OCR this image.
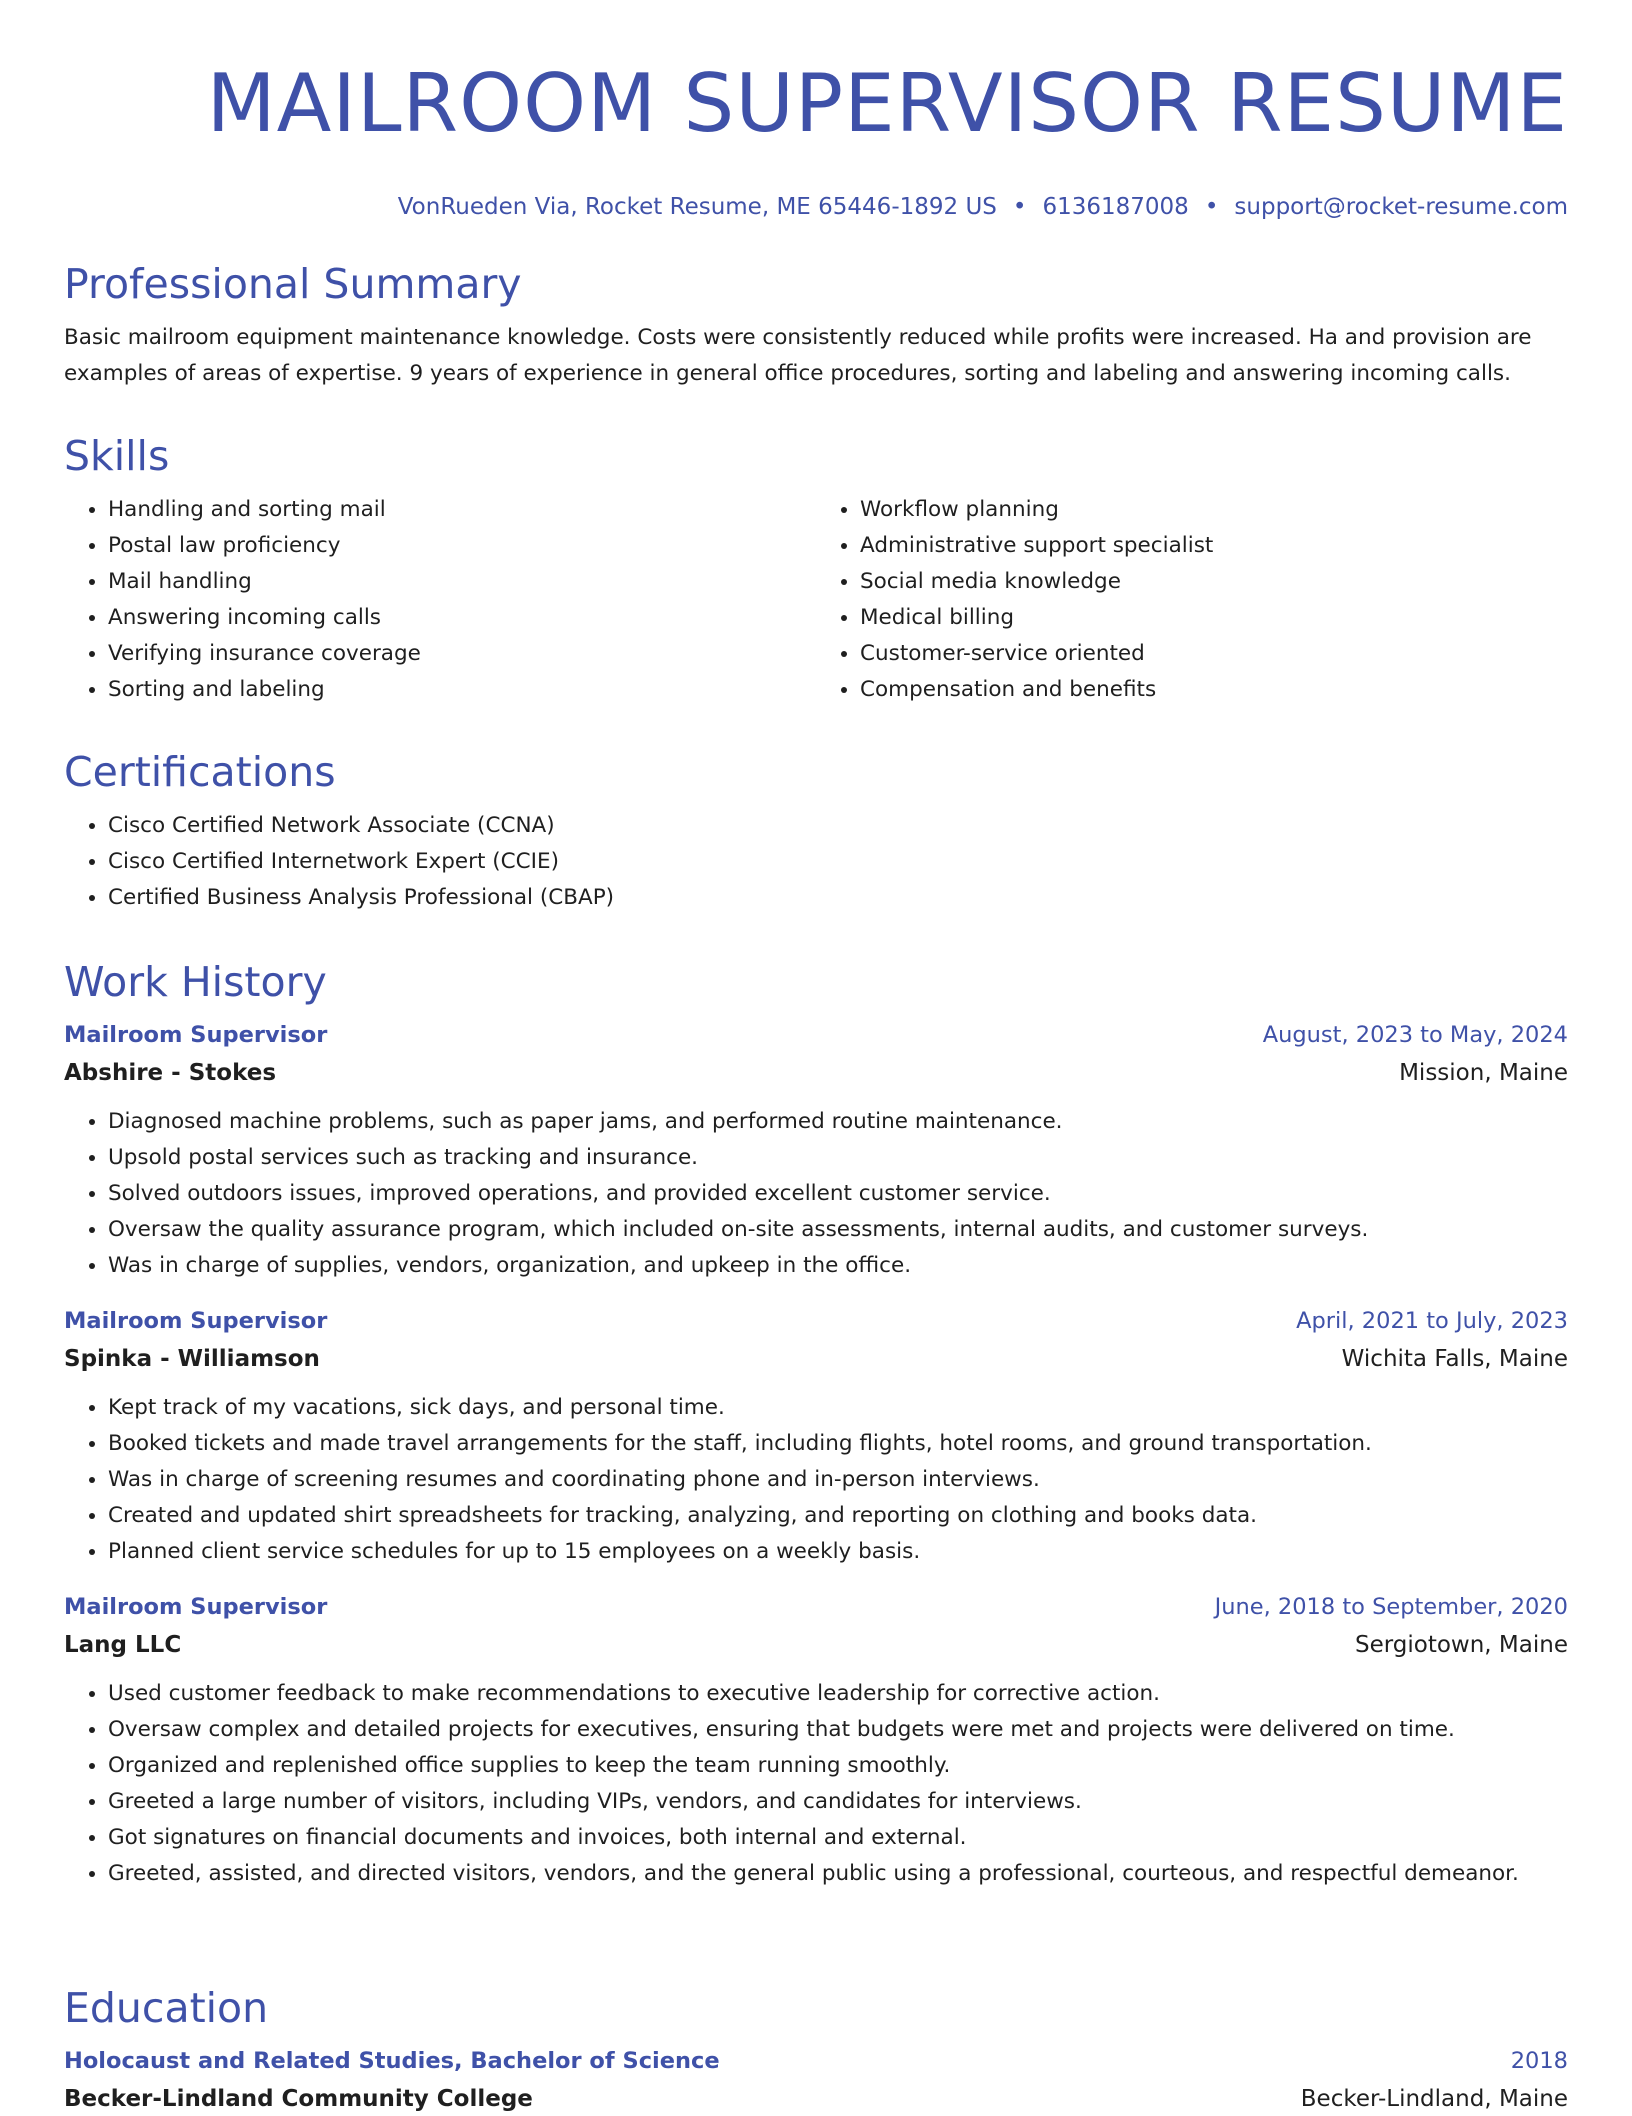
MAILROOM SUPERVISOR RESUME
VonRueden Via, Rocket Resume, ME 65446-1892 US • 6136187008 • support@rocket-resume.com
Professional Summary

Basic mailroom equipment maintenance knowledge. Costs were consistently reduced while profits were increased. Ha and provision are examples of areas of expertise. 9 years of experience in general office procedures, sorting and labeling and answering incoming calls.

Skills
• Handling and sorting mail
• Postal law proficiency
• Mail handling
• Answering incoming calls
• Verifying insurance coverage
• Sorting and labeling
• Workflow planning
• Administrative support specialist
• Social media knowledge
• Medical billing
• Customer-service oriented
• Compensation and benefits
Certifications
• Cisco Certified Network Associate (CCNA)
• Cisco Certified Internetwork Expert (CCIE)
• Certified Business Analysis Professional (CBAP)
Work History
Mailroom Supervisor	August, 2023 to May, 2024
Abshire - Stokes	Mission, Maine
• Diagnosed machine problems, such as paper jams, and performed routine maintenance.
• Upsold postal services such as tracking and insurance.
• Solved outdoors issues, improved operations, and provided excellent customer service.
• Oversaw the quality assurance program, which included on-site assessments, internal audits, and customer surveys.
• Was in charge of supplies, vendors, organization, and upkeep in the office.
Mailroom Supervisor	April, 2021 to July, 2023
Spinka - Williamson	Wichita Falls, Maine
• Kept track of my vacations, sick days, and personal time.
• Booked tickets and made travel arrangements for the staff, including flights, hotel rooms, and ground transportation.
• Was in charge of screening resumes and coordinating phone and in-person interviews.
• Created and updated shirt spreadsheets for tracking, analyzing, and reporting on clothing and books data.
• Planned client service schedules for up to 15 employees on a weekly basis.
Mailroom Supervisor	June, 2018 to September, 2020
Lang LLC	Sergiotown, Maine
• Used customer feedback to make recommendations to executive leadership for corrective action.
• Oversaw complex and detailed projects for executives, ensuring that budgets were met and projects were delivered on time.
• Organized and replenished office supplies to keep the team running smoothly.
• Greeted a large number of visitors, including VIPs, vendors, and candidates for interviews.
• Got signatures on financial documents and invoices, both internal and external.
• Greeted, assisted, and directed visitors, vendors, and the general public using a professional, courteous, and respectful demeanor.
Education
Holocaust and Related Studies, Bachelor of Science	2018
Becker-Lindland Community College	Becker-Lindland, Maine
